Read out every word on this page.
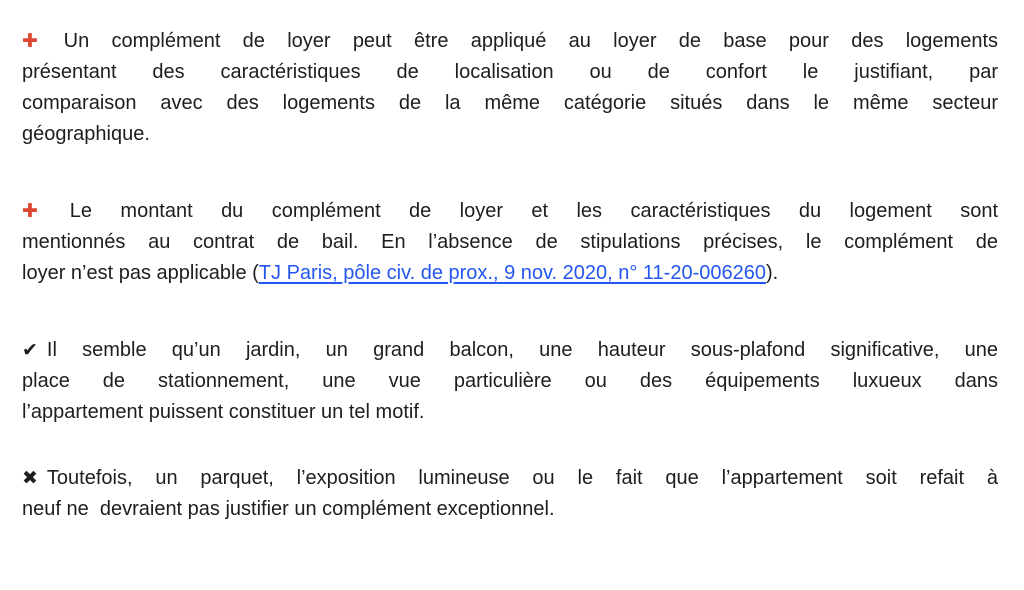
✚ Un complément de loyer peut être appliqué au loyer de base pour des logements
présentant des caractéristiques de localisation ou de confort le justifiant, par
comparaison avec des logements de la même catégorie situés dans le même secteur
géographique.
✚ Le montant du complément de loyer et les caractéristiques du logement sont
mentionnés au contrat de bail. En l’absence de stipulations précises, le complément de
loyer n’est pas applicable (TJ Paris, pôle civ. de prox., 9 nov. 2020, n° 11-20-006260).
✔ Il semble qu’un jardin, un grand balcon, une hauteur sous-plafond significative, une
place de stationnement, une vue particulière ou des équipements luxueux dans
l’appartement puissent constituer un tel motif.
✖ Toutefois, un parquet, l’exposition lumineuse ou le fait que l’appartement soit refait à
neuf ne  devraient pas justifier un complément exceptionnel.
